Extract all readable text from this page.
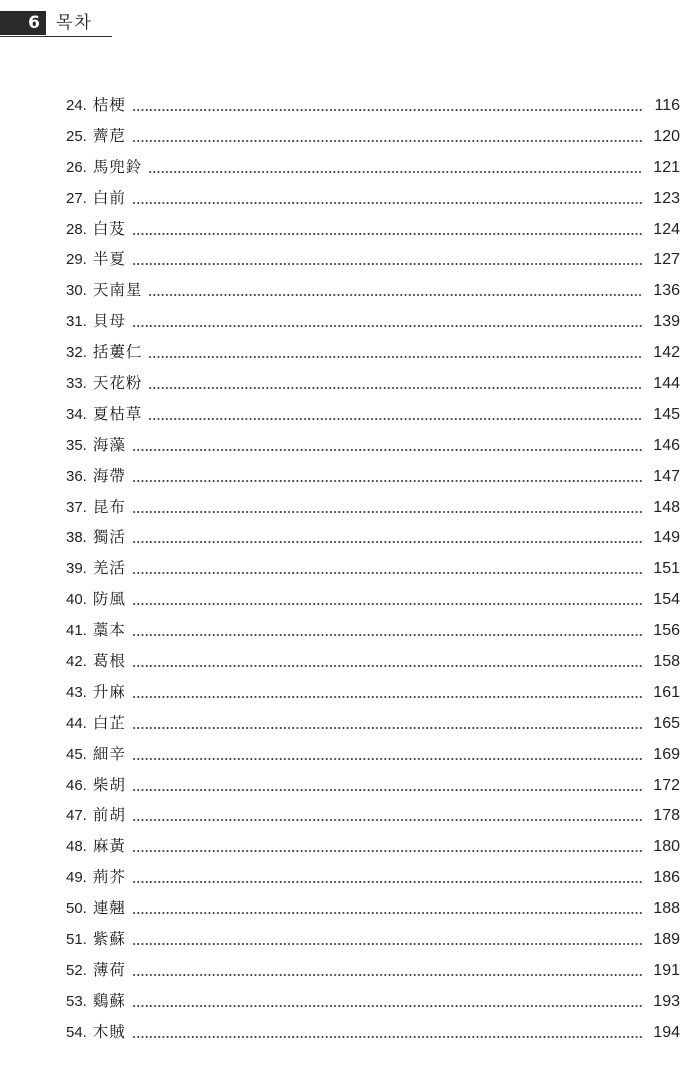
6 목차
24. 桔梗	116
25. 薺苨	120
26. 馬兜鈴	121
27. 白前	123
28. 白芨	124
29. 半夏	127
30. 天南星	136
31. 貝母	139
32. 括蔞仁	142
33. 天花粉	144
34. 夏枯草	145
35. 海藻	146
36. 海帶	147
37. 昆布	148
38. 獨活	149
39. 羌活	151
40. 防風	154
41. 藁本	156
42. 葛根	158
43. 升麻	161
44. 白芷	165
45. 細辛	169
46. 柴胡	172
47. 前胡	178
48. 麻黃	180
49. 荊芥	186
50. 連翹	188
51. 紫蘇	189
52. 薄荷	191
53. 鷄蘇	193
54. 木賊	194
